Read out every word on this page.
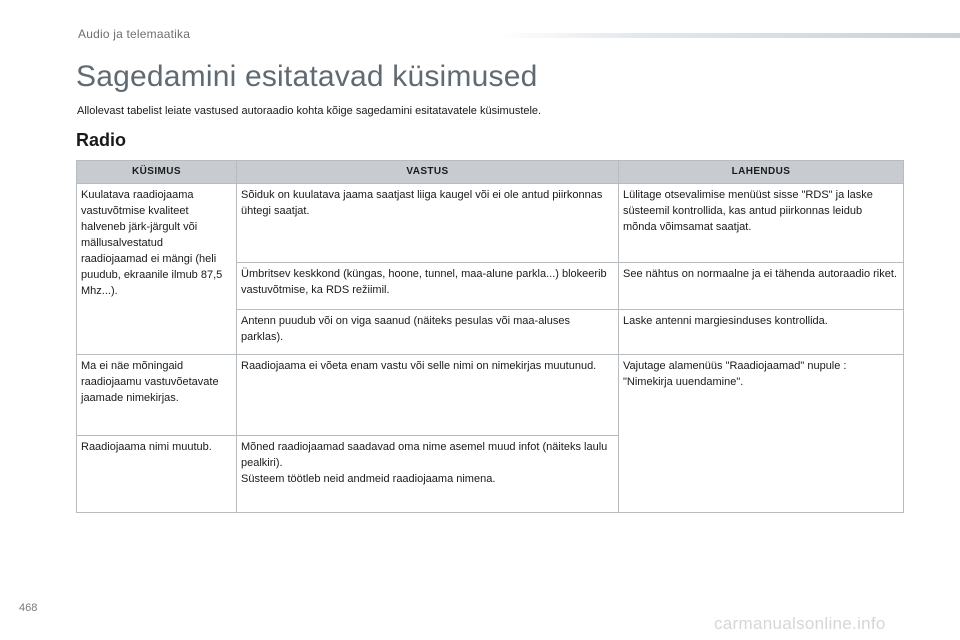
Audio ja telemaatika
Sagedamini esitatavad küsimused

Allolevast tabelist leiate vastused autoraadio kohta kõige sagedamini esitatavatele küsimustele.

Radio
KÜSIMUS	VASTUS	LAHENDUS
Kuulatava raadiojaama vastuvõtmise kvaliteet halveneb järk-järgult või mällusalvestatud raadiojaamad ei mängi (heli puudub, ekraanile ilmub 87,5 Mhz...).	Sõiduk on kuulatava jaama saatjast liiga kaugel või ei ole antud piirkonnas ühtegi saatjat.	Lülitage otsevalimise menüüst sisse "RDS" ja laske süsteemil kontrollida, kas antud piirkonnas leidub mõnda võimsamat saatjat.
	Ümbritsev keskkond (küngas, hoone, tunnel, maa-alune parkla...) blokeerib vastuvõtmise, ka RDS režiimil.	See nähtus on normaalne ja ei tähenda autoraadio riket.
	Antenn puudub või on viga saanud (näiteks pesulas või maa-aluses parklas).	Laske antenni margiesinduses kontrollida.
Ma ei näe mõningaid raadiojaamu vastuvõetavate jaamade nimekirjas.	Raadiojaama ei võeta enam vastu või selle nimi on nimekirjas muutunud.	Vajutage alamenüüs "Raadiojaamad" nupule : "Nimekirja uuendamine".
Raadiojaama nimi muutub.	Mõned raadiojaamad saadavad oma nime asemel muud infot (näiteks laulu pealkiri).
Süsteem töötleb neid andmeid raadiojaama nimena.	
468
carmanualsonline.info
